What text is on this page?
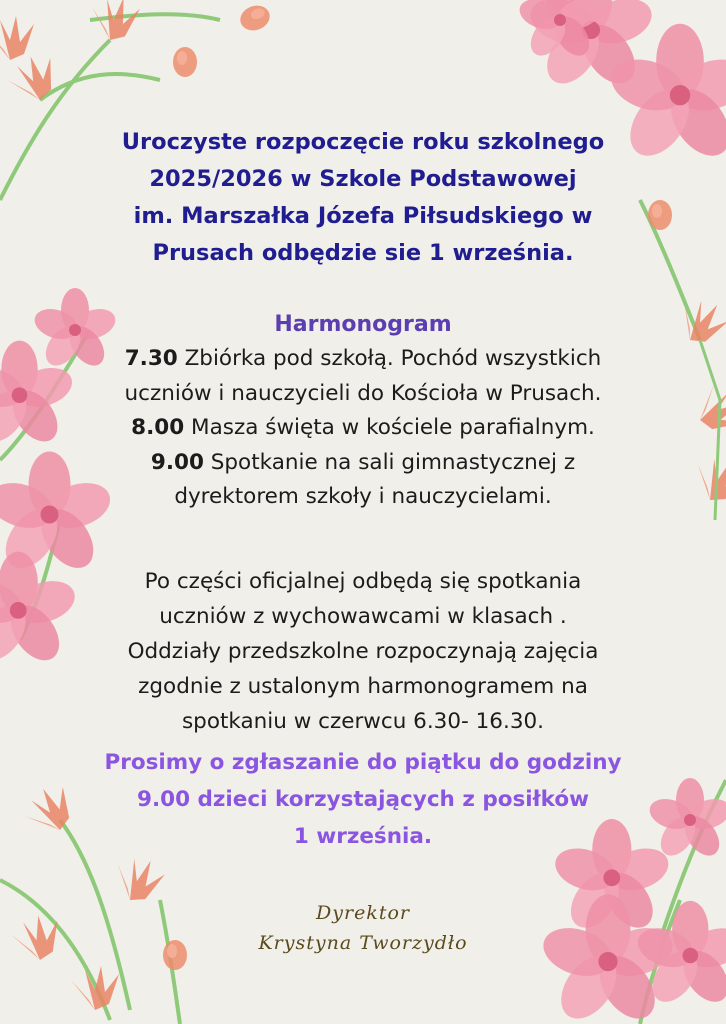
Uroczyste rozpoczęcie roku szkolnego
2025/2026 w Szkole Podstawowej
im. Marszałka Józefa Piłsudskiego w
Prusach odbędzie sie 1 września.
Harmonogram
7.30 Zbiórka pod szkołą. Pochód wszystkich
uczniów i nauczycieli do Kościoła w Prusach.
8.00 Masza święta w kościele parafialnym.
9.00 Spotkanie na sali gimnastycznej z
dyrektorem szkoły i nauczycielami.
Po części oficjalnej odbędą się spotkania
uczniów z wychowawcami w klasach .
Oddziały przedszkolne rozpoczynają zajęcia
zgodnie z ustalonym harmonogramem na
spotkaniu w czerwcu 6.30- 16.30.
Prosimy o zgłaszanie do piątku do godziny
9.00 dzieci korzystających z posiłków
1 września.
Dyrektor
Krystyna Tworzydło
